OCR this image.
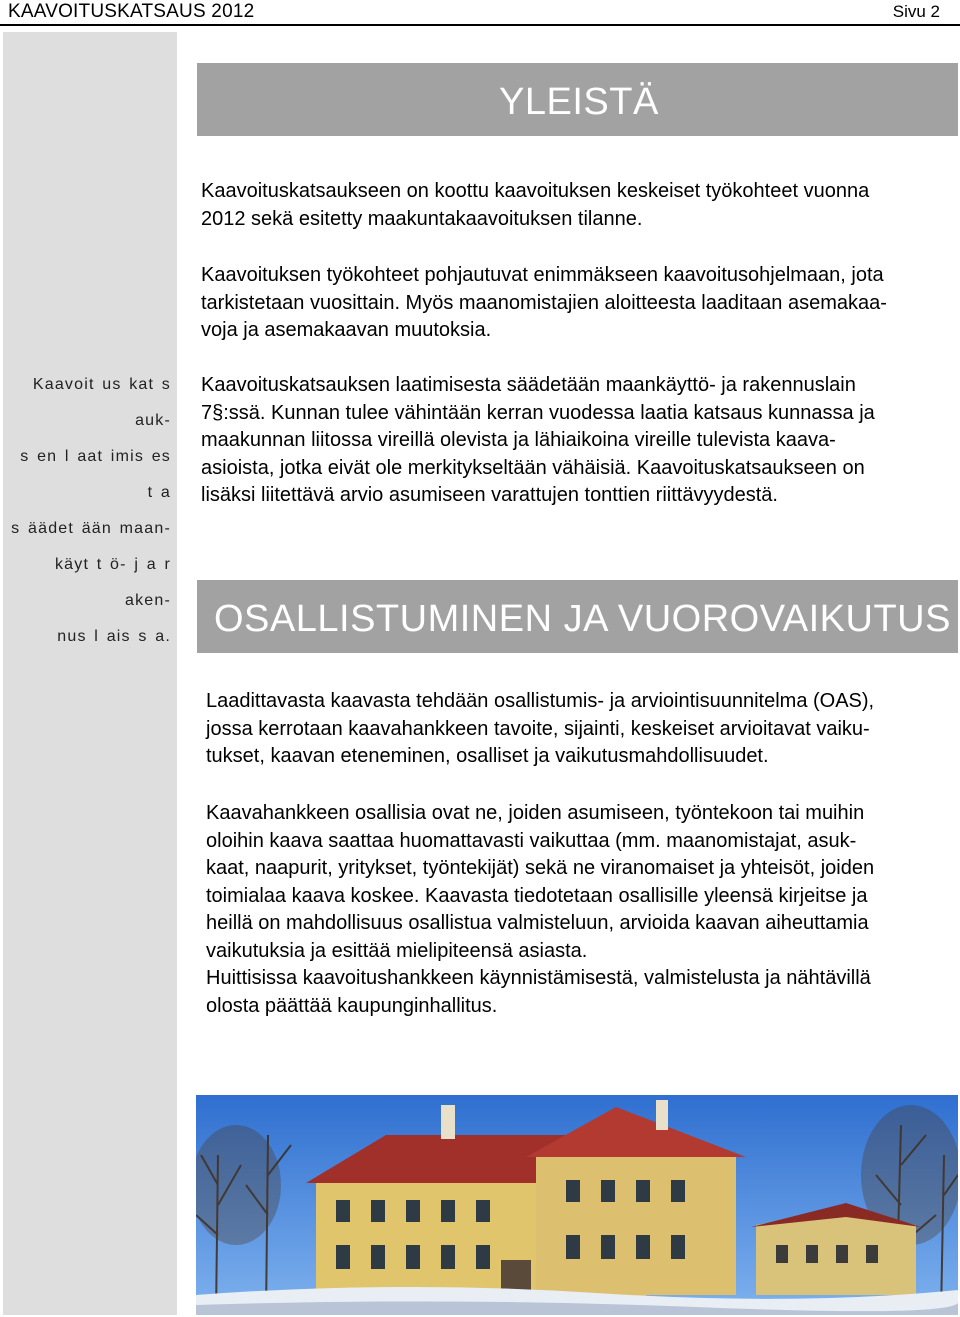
KAAVOITUSKATSAUS 2012	Sivu 2
Kaavoit us kat s auk-
s en l aat imis es t a
s äädet ään maan-
käyt t ö- j a r aken-
nus l ais s a.
YLEISTÄ

Kaavoituskatsaukseen on koottu kaavoituksen keskeiset työkohteet vuonna
2012 sekä esitetty maakuntakaavoituksen tilanne.

Kaavoituksen työkohteet pohjautuvat enimmäkseen kaavoitusohjelmaan, jota
tarkistetaan vuosittain. Myös maanomistajien aloitteesta laaditaan asemakaa-
voja ja asemakaavan muutoksia.

Kaavoituskatsauksen laatimisesta säädetään maankäyttö- ja rakennuslain
7§:ssä. Kunnan tulee vähintään kerran vuodessa laatia katsaus kunnassa ja
maakunnan liitossa vireillä olevista ja lähiaikoina vireille tulevista kaava-
asioista, jotka eivät ole merkitykseltään vähäisiä. Kaavoituskatsaukseen on
lisäksi liitettävä arvio asumiseen varattujen tonttien riittävyydestä.

OSALLISTUMINEN JA VUOROVAIKUTUS

Laadittavasta kaavasta tehdään osallistumis- ja arviointisuunnitelma (OAS),
jossa kerrotaan kaavahankkeen tavoite, sijainti, keskeiset arvioitavat vaiku-
tukset, kaavan eteneminen, osalliset ja vaikutusmahdollisuudet.

Kaavahankkeen osallisia ovat ne, joiden asumiseen, työntekoon tai muihin
oloihin kaava saattaa huomattavasti vaikuttaa (mm. maanomistajat, asuk-
kaat, naapurit, yritykset, työntekijät) sekä ne viranomaiset ja yhteisöt, joiden
toimialaa kaava koskee. Kaavasta tiedotetaan osallisille yleensä kirjeitse ja
heillä on mahdollisuus osallistua valmisteluun, arvioida kaavan aiheuttamia
vaikutuksia ja esittää mielipiteensä asiasta.
Huittisissa kaavoitushankkeen käynnistämisestä, valmistelusta ja nähtävillä
olosta päättää kaupunginhallitus.
